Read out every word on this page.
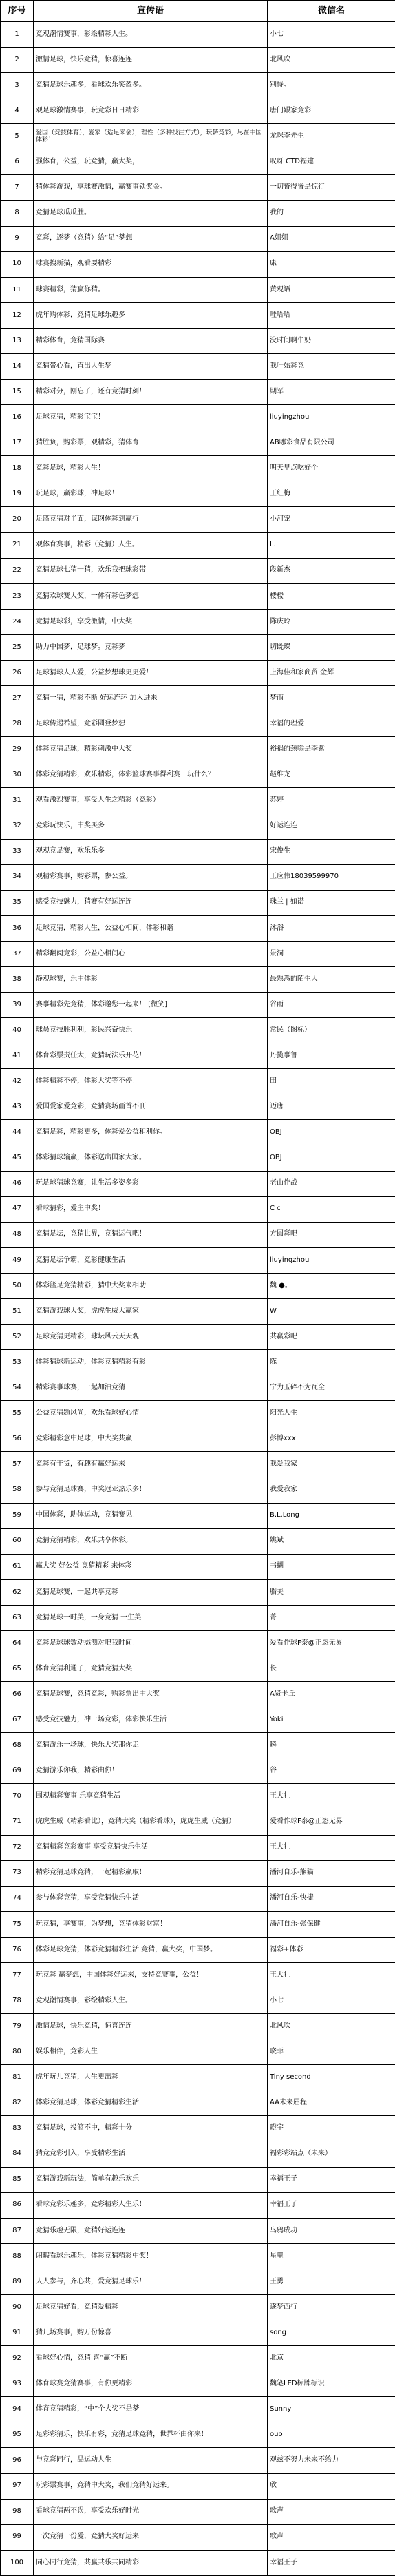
序号	宣传语	微信名
1	竞观潮情赛事，彩绘精彩人生。	小七
2	激情足球，快乐竞猜，惊喜连连	北风吹
3	竞猜足球乐趣多，看球欢乐笑盈多。	别恃。
4	观足球激情赛事，玩竞彩日日精彩	唐门跟家竞彩
5	爱国（竞技体育），爱家（适足来会），理性（多种投注方式），玩转竞彩，尽在中国体彩！	龙咪李先生
6	强体育，公益，玩竞猜，赢大奖，	叹呀 CTD福建
7	猜体彩游戏，享球赛激情，赢赛事锁奖金。	一切皆得皆是惊行
8	竞猜足球瓜瓜胜。	我的
9	竞彩，逐梦（竞猜）给“足”梦想	A姐姐
10	球赛搜新猫，观看要精彩	康
11	球赛精彩，猜赢你猜。	黄观语
12	虎年购体彩，竞猜足球乐趣多	哇哈哈
13	精彩体育，竞猜国际赛	没时间啊牛奶
14	竞猜带心看，直出人生梦	我叶始彩竞
15	精彩对分，刚忘了，还有竞猜时刻！	期军
16	足球竞猜，精彩宝宝！	liuyingzhou
17	猜胜负，购彩票，观精彩，猜体育	AB哪彩食品有限公司
18	竞彩足球，精彩人生！	明天早点吃好个
19	玩足球，赢彩球，冲足球！	王红梅
20	足篮竞猜对半面，谋网体彩到赢行	小河宠
21	观体育赛事，精彩（竞猜）人生。	L.
22	竞猜足球七猜一猜，欢乐我把球彩带	段新杰
23	竞猜欢球赛大奖，一体有彩色梦想	楼楼
24	竞猜足球彩，享受激情，中大奖！	陈庆玲
25	助力中国梦，足球梦。竞彩梦！	切既璨
26	足球猜球人人爱，公益梦想球更更爱！	上海佳和家商贸 金辉
27	竞猜一猜，精彩不断 好运连环 加入进来	梦雨
28	足球传递希望，竞彩圆登梦想	幸福的理爱
29	体彩竞猜足球，精彩刺激中大奖！	裕祸的颈嗡是李紫
30	体彩竞猜精彩，欢乐精彩，体彩篮球赛事得利赛！玩什么？	赵维龙
31	观看激烈赛事，享受人生之精彩（竞彩）	苏婷
32	竞彩玩快乐，中奖买多	好运连连
33	观观竞足赛，欢乐乐多	宋俊生
34	观精彩赛事，购彩票，参公益。	王应伟18039599970
35	感受竞技魅力，猜赛有好运连连	珠兰 | 如诺
36	足球竞猜，精彩人生，公益心相间，体彩和谐！	沐浴
37	精彩翻阅竞彩，公益心相间心！	景洞
38	静观球赛，乐中体彩	最熟悉的陌生人
39	赛事精彩先竞猜，体彩邀您一起来！ [微笑]	谷雨
40	球员竞技胜利利，彩民兴奋快乐	常民（图标）
41	体育彩票责任大，竞猜玩法乐开花！	丹揽事鲁
42	体彩精彩不停，体彩大奖等不停！	田
43	爱国爱家爱竞彩，竞猜赛场画首不刊	迈唐
44	竞猜足彩，精彩更多，体彩爱公益和利你。	OBJ
45	体彩猜球输赢，体彩送出国家大家。	OBJ
46	玩足球猜球竞赛，让生活多姿多彩	老山作战
47	看球猜彩，爱主中奖！	C c
48	竞猜足坛，竞猜世界，竞猜运气吧！	方圆彩吧
49	竞猜足坛争霸，竞彩健康生活	liuyingzhou
50	体彩篮足竞猜精彩，猜中大奖来相助	魏 ●。
51	竞猜游戏球大奖，虎虎生威大赢家	W
52	足球竞猜更精彩，球坛风云天天观	共赢彩吧
53	体彩猜球新运动，体彩竞猜精彩有彩	陈
54	精彩赛事球赛，一起加油竞猜	宁为玉碎不为瓦全
55	公益竞猜题风尚，欢乐看球好心情	阳光人生
56	竞彩精彩意中足球，中大奖共赢！	彭博xxx
57	竞彩有干货，有趣有赢好运来	我爱我家
58	参与竞猜足球赛，中奖冠亚热乐多！	我爱我家
59	中国体彩，助体运动，竞猜赛见！	B.L.Long
60	竞猜竞猜精彩，欢乐共享体彩。	姚斌
61	赢大奖 好公益 竞猜精彩 来体彩	书蝴
62	竞猜足球赛，一起共享竞彩	腊美
63	竞猜足球一时美，一身竞猜 一生美	菁
64	竞彩足球球数动态测对吧我时间！	爱看作球F泰@正恣无界
65	体育竞猜利通了，竞猜竞猜大奖！	长
66	竞猜足球赛，竞猜竞彩，购彩票出中大奖	A贤卡丘
67	感受竞技魅力，冲一场竞彩，体彩快乐生活	Yoki
68	竞猜游乐一场球，快乐大奖那你走	瞬
69	竞猜游乐你我，精彩由你！	谷
70	围观精彩赛事 乐享竞猜生活	王大壮
71	虎虎生威（精彩看比），竞猜大奖（精彩看球），虎虎生威（竞猜）	爱看作球F泰@正恣无界
72	竞猜精彩竞彩赛事 享受竞猜快乐生活	王大壮
73	精彩竞猜足球竞猜，一起精彩赢取！	潘河自乐-熊猫
74	参与体彩竞猜，享受竞猜快乐生活	潘河自乐-快捷
75	玩竞猜，享赛事，为梦想，竞猜体彩财富！	潘河自乐-张保健
76	体彩足球竞猜，体彩竞猜精彩生活 竞猜，赢大奖，中国梦。	福彩+体彩
77	玩竞彩 赢梦想，中国体彩好运来，支持竞赛事，公益！	王大壮
78	竞观潮情赛事，彩绘精彩人生。	小七
79	激情足球，快乐竞猜，惊喜连连	北风吹
80	娱乐相伴，竞彩人生	晓菲
81	虎年玩儿竞猜，人生更出彩！	Tiny second
82	体彩竞猜足球，体彩竞猜精彩生活	AA未来屈程
83	竞猜足球，投篮不中，精彩十分	瞪宇
84	猜竞竞彩引入，享受精彩生活！	福彩彩站点（未来）
85	竞猜游戏新玩法，简单有趣乐欢乐	幸福王子
86	看球竞彩乐趣多，竞彩精彩人生乐！	幸福王子
87	竞猜乐趣无限，竞猜好运连连	乌鸦成功
88	闲暇看球乐趣乐，体彩竞猜精彩中奖！	星里
89	人人参与，齐心共，爱竞猜足球乐！	王勇
90	足球竞猜好看，竞猜爱精彩	逐梦西行
91	猜几场赛事，购万份惊喜	song
92	看球好心情，竞猜 喜“赢”不断	北京
93	体育球赛竞猜赛事，有你更精彩！	魏笔LED标牌标识
94	体育竞猜精彩，“中”个大奖不是梦	Sunny
95	足彩彩猜乐，快乐有彩，竞猜足球竞猜，世界杯由你来！	ouo
96	与竞彩同行，品运动人生	观兹不努力未来不给力
97	玩彩票赛事，竞猜中大奖，我们竞猜好运来。	欣
98	看球竞猜两不误，享受欢乐好时光	歌声
99	一次竞猜一份爱，竞猜大奖好运来	歌声
100	同心同行竞猜，共赢共乐共同精彩	幸福王子
